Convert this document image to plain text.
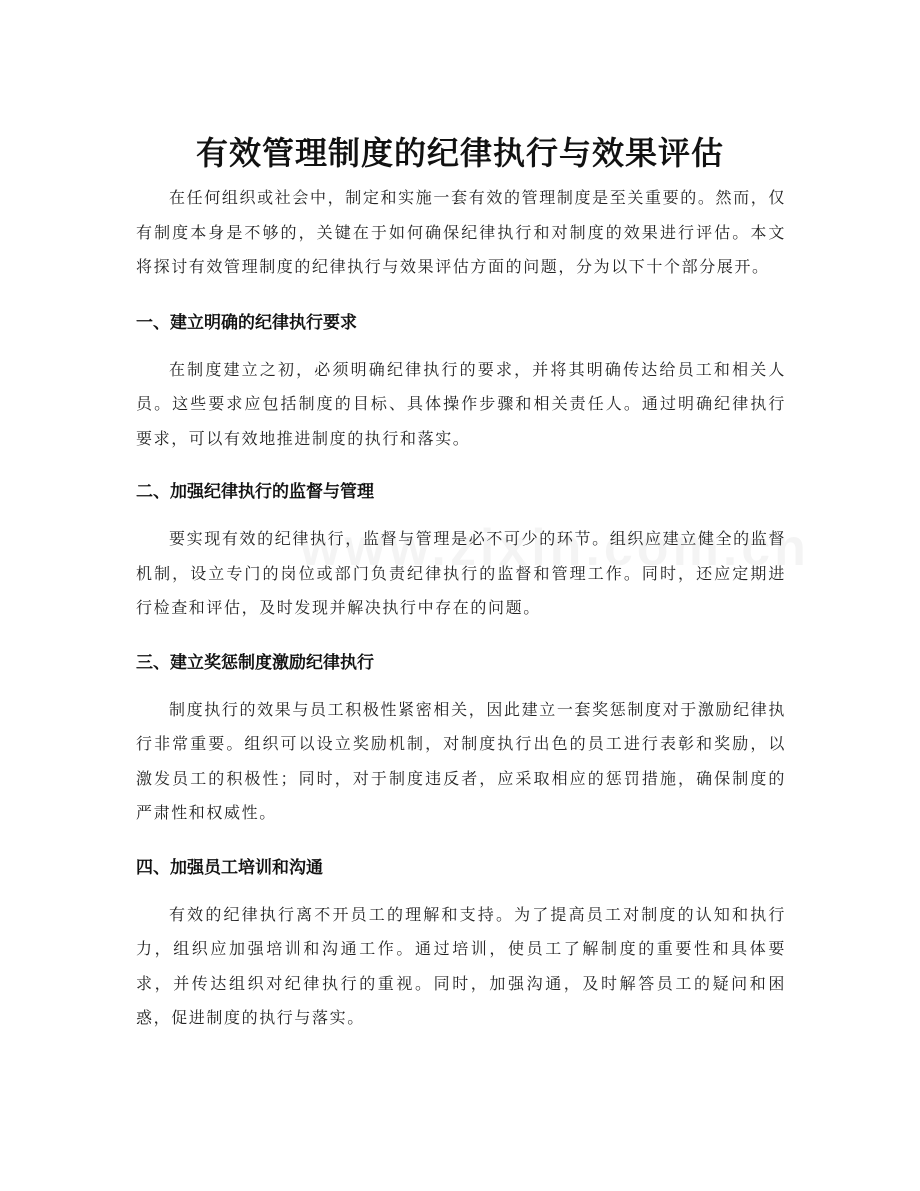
有效管理制度的纪律执行与效果评估

在任何组织或社会中，制定和实施一套有效的管理制度是至关重要的。然而，仅有制度本身是不够的，关键在于如何确保纪律执行和对制度的效果进行评估。本文将探讨有效管理制度的纪律执行与效果评估方面的问题，分为以下十个部分展开。

一、建立明确的纪律执行要求

在制度建立之初，必须明确纪律执行的要求，并将其明确传达给员工和相关人员。这些要求应包括制度的目标、具体操作步骤和相关责任人。通过明确纪律执行要求，可以有效地推进制度的执行和落实。

二、加强纪律执行的监督与管理

要实现有效的纪律执行，监督与管理是必不可少的环节。组织应建立健全的监督机制，设立专门的岗位或部门负责纪律执行的监督和管理工作。同时，还应定期进行检查和评估，及时发现并解决执行中存在的问题。

三、建立奖惩制度激励纪律执行

制度执行的效果与员工积极性紧密相关，因此建立一套奖惩制度对于激励纪律执行非常重要。组织可以设立奖励机制，对制度执行出色的员工进行表彰和奖励，以激发员工的积极性；同时，对于制度违反者，应采取相应的惩罚措施，确保制度的严肃性和权威性。

四、加强员工培训和沟通

有效的纪律执行离不开员工的理解和支持。为了提高员工对制度的认知和执行力，组织应加强培训和沟通工作。通过培训，使员工了解制度的重要性和具体要求，并传达组织对纪律执行的重视。同时，加强沟通，及时解答员工的疑问和困惑，促进制度的执行与落实。
